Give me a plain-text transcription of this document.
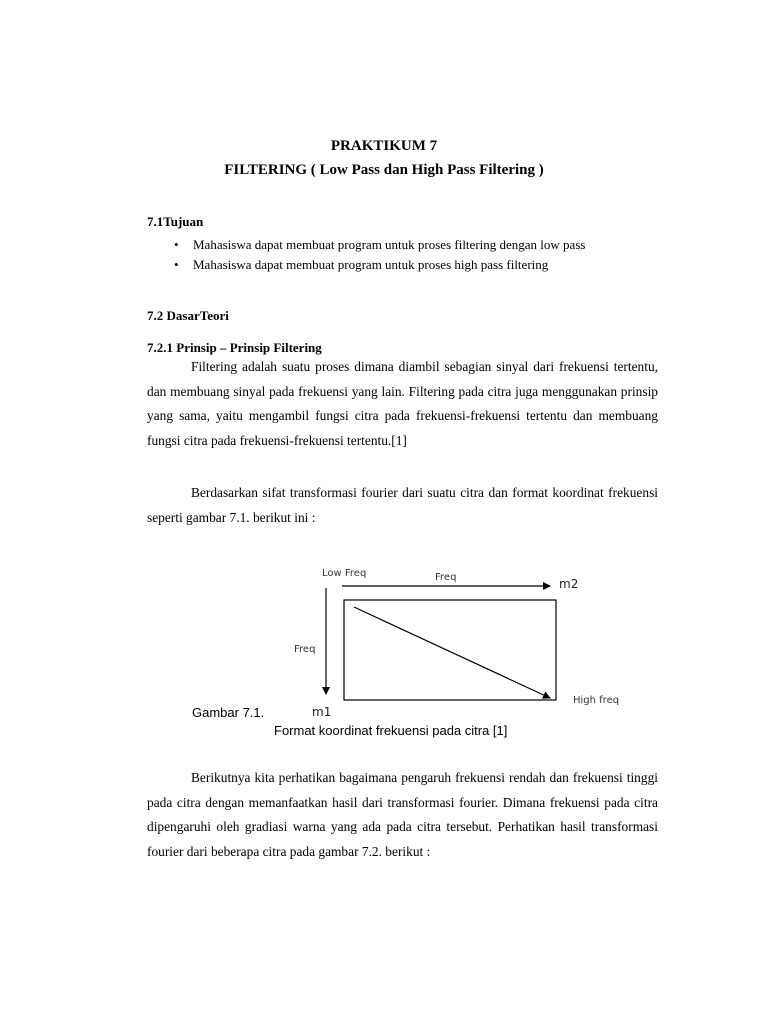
PRAKTIKUM 7
FILTERING ( Low Pass dan High Pass Filtering )
7.1Tujuan
• Mahasiswa dapat membuat program untuk proses filtering dengan low pass
• Mahasiswa dapat membuat program untuk proses high pass filtering
7.2 DasarTeori
7.2.1 Prinsip – Prinsip Filtering

Filtering adalah suatu proses dimana diambil sebagian sinyal dari frekuensi tertentu, dan membuang sinyal pada frekuensi yang lain. Filtering pada citra juga menggunakan prinsip yang sama, yaitu mengambil fungsi citra pada frekuensi-frekuensi tertentu dan membuang fungsi citra pada frekuensi-frekuensi tertentu.[1]

Berdasarkan sifat transformasi fourier dari suatu citra dan format koordinat frekuensi seperti gambar 7.1. berikut ini :

Low Freq	Freq	m2
Freq
m1
High freq
Gambar 7.1.
Format koordinat frekuensi pada citra [1]

Berikutnya kita perhatikan bagaimana pengaruh frekuensi rendah dan frekuensi tinggi pada citra dengan memanfaatkan hasil dari transformasi fourier. Dimana frekuensi pada citra dipengaruhi oleh gradiasi warna yang ada pada citra tersebut. Perhatikan hasil transformasi fourier dari beberapa citra pada gambar 7.2. berikut :
